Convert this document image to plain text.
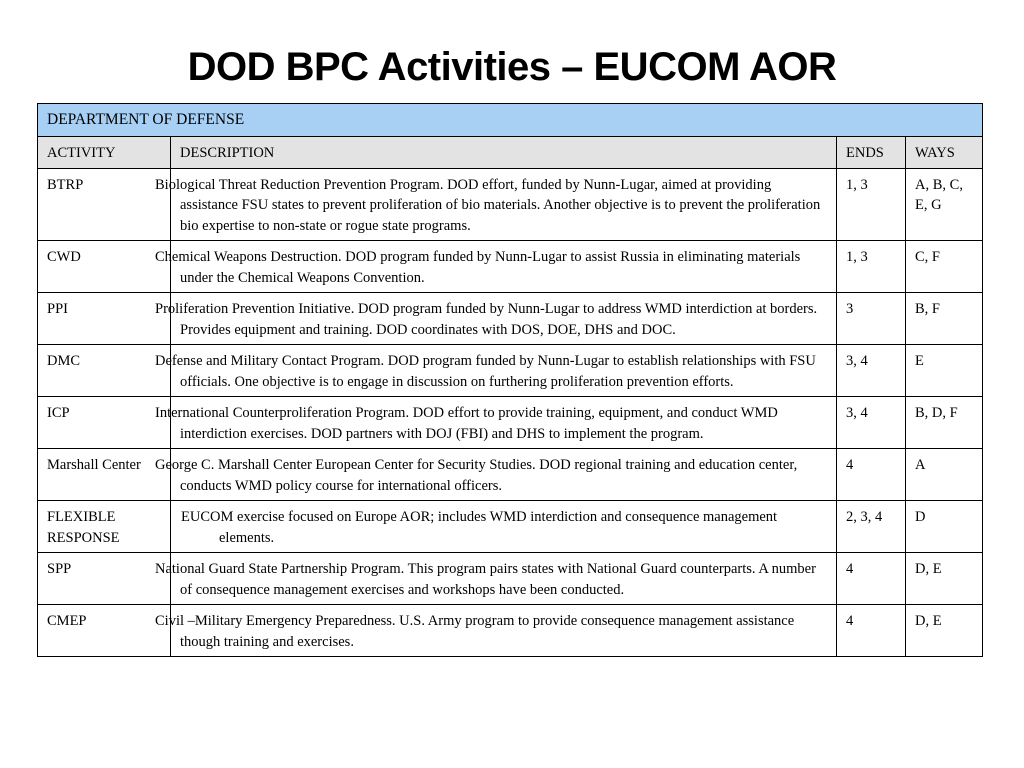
DOD BPC Activities – EUCOM AOR
DEPARTMENT OF DEFENSE			
ACTIVITY	DESCRIPTION	ENDS	WAYS
BTRP	Biological Threat Reduction Prevention Program. DOD effort, funded by Nunn-Lugar, aimed at providing assistance FSU states to prevent proliferation of bio materials. Another objective is to prevent the proliferation bio expertise to non-state or rogue state programs.	1, 3	A, B, C, E, G
CWD	Chemical Weapons Destruction. DOD program funded by Nunn-Lugar to assist Russia in eliminating materials under the Chemical Weapons Convention.	1, 3	C, F
PPI	Proliferation Prevention Initiative. DOD program funded by Nunn-Lugar to address WMD interdiction at borders. Provides equipment and training. DOD coordinates with DOS, DOE, DHS and DOC.	3	B, F
DMC	Defense and Military Contact Program. DOD program funded by Nunn-Lugar to establish relationships with FSU officials. One objective is to engage in discussion on furthering proliferation prevention efforts.	3, 4	E
ICP	International Counterproliferation Program. DOD effort to provide training, equipment, and conduct WMD interdiction exercises. DOD partners with DOJ (FBI) and DHS to implement the program.	3, 4	B, D, F
Marshall Center	George C. Marshall Center European Center for Security Studies. DOD regional training and education center, conducts WMD policy course for international officers.	4	A
FLEXIBLE RESPONSE	EUCOM exercise focused on Europe AOR; includes WMD interdiction and consequence management elements.	2, 3, 4	D
SPP	National Guard State Partnership Program. This program pairs states with National Guard counterparts. A number of consequence management exercises and workshops have been conducted.	4	D, E
CMEP	Civil –Military Emergency Preparedness. U.S. Army program to provide consequence management assistance though training and exercises.	4	D, E
